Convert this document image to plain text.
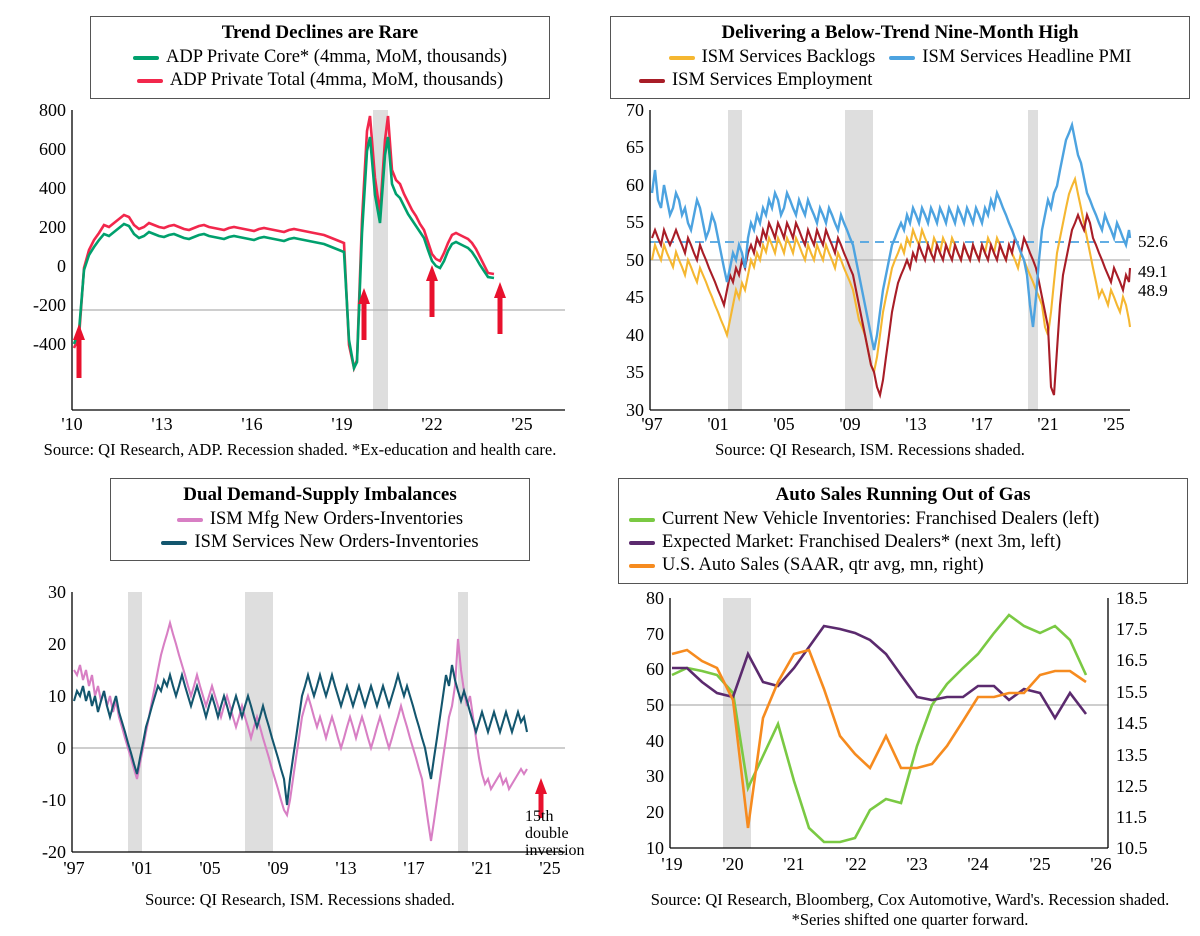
Trend Declines are Rare
ADP Private Core* (4mma, MoM, thousands)
ADP Private Total (4mma, MoM, thousands)
800
600
400
200
0
-200
-400
'10	'13	'16	'19	'22	'25
Source: QI Research, ADP. Recession shaded. *Ex-education and health care.
Delivering a Below-Trend Nine-Month High
ISM Services Backlogs	ISM Services Headline PMI
ISM Services Employment
70
65
60
55
50
45
40
35
30
'97 '01 '05 '09 '13 '17 '21 '25
52.6
49.1
48.9
Source: QI Research, ISM. Recessions shaded.
Dual Demand-Supply Imbalances
ISM Mfg New Orders-Inventories
ISM Services New Orders-Inventories
30
20
10
0
-10
-20
'97	'01	'05	'09	'13	'17	'21	'25
15th double inversion
Source: QI Research, ISM. Recessions shaded.
Auto Sales Running Out of Gas
Current New Vehicle Inventories: Franchised Dealers (left)
Expected Market: Franchised Dealers* (next 3m, left)
U.S. Auto Sales (SAAR, qtr avg, mn, right)
80
70
60
50
40
30
20
10
18.5
17.5
16.5
15.5
14.5
13.5
12.5
11.5
10.5
'19 '20 '21 '22 '23 '24 '25 '26
Source: QI Research, Bloomberg, Cox Automotive, Ward's. Recession shaded. *Series shifted one quarter forward.
